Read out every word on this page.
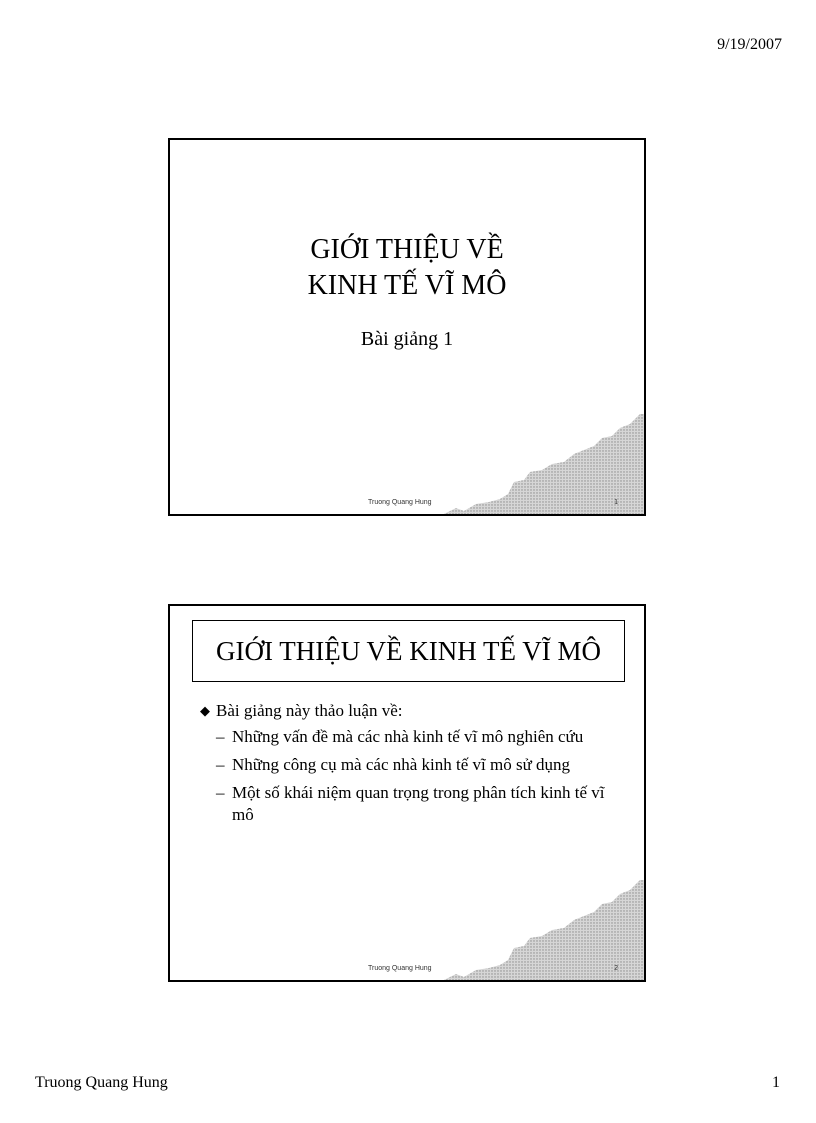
9/19/2007
GIỚI THIỆU VỀ
KINH TẾ VĨ MÔ
Bài giảng 1
Truong Quang Hung	1
GIỚI THIỆU VỀ KINH TẾ VĨ MÔ
◆ Bài giảng này thảo luận về:
– Những vấn đề mà các nhà kinh tế vĩ mô nghiên cứu
– Những công cụ mà các nhà kinh tế vĩ mô sử dụng
– Một số khái niệm quan trọng trong phân tích kinh tế vĩ mô
Truong Quang Hung	2
Truong Quang Hung	1
